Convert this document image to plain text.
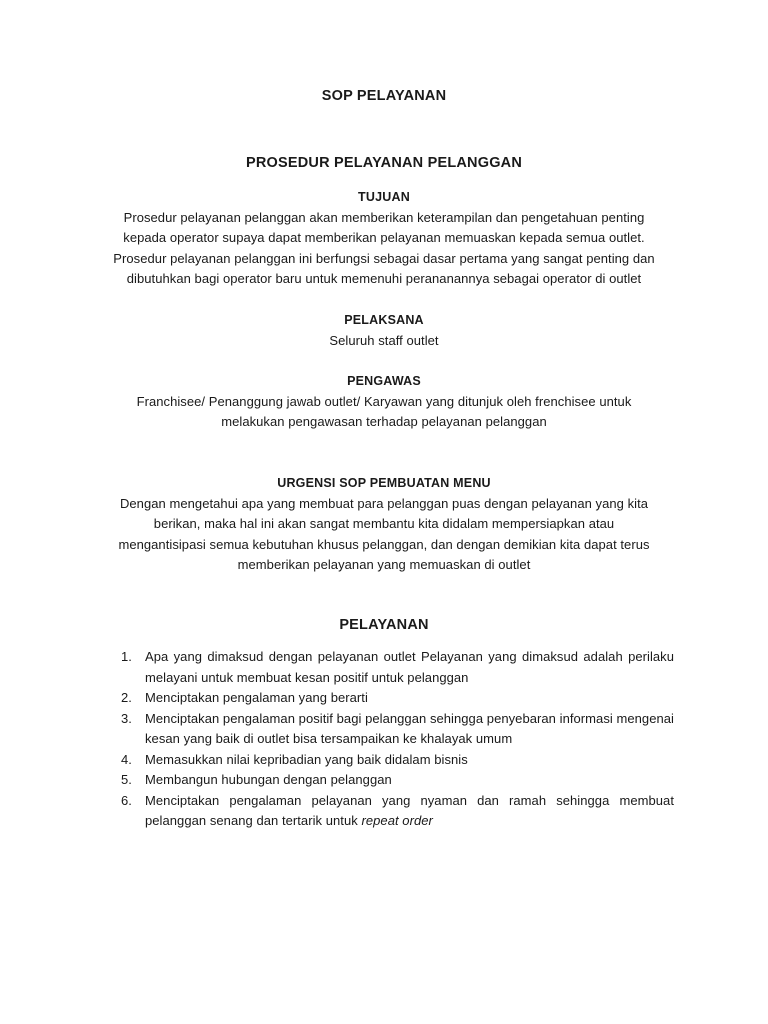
SOP PELAYANAN
PROSEDUR PELAYANAN PELANGGAN
TUJUAN
Prosedur pelayanan pelanggan akan memberikan keterampilan dan pengetahuan penting
kepada operator supaya dapat memberikan pelayanan memuaskan kepada semua outlet.
Prosedur pelayanan pelanggan ini berfungsi sebagai dasar pertama yang sangat penting dan
dibutuhkan bagi operator baru untuk memenuhi perananannya sebagai operator di outlet
PELAKSANA
Seluruh staff outlet
PENGAWAS
Franchisee/ Penanggung jawab outlet/ Karyawan yang ditunjuk oleh frenchisee untuk
melakukan pengawasan terhadap pelayanan pelanggan
URGENSI SOP PEMBUATAN MENU
Dengan mengetahui apa yang membuat para pelanggan puas dengan pelayanan yang kita
berikan, maka hal ini akan sangat membantu kita didalam mempersiapkan atau
mengantisipasi semua kebutuhan khusus pelanggan, dan dengan demikian kita dapat terus
memberikan pelayanan yang memuaskan di outlet
PELAYANAN
1. Apa yang dimaksud dengan pelayanan outlet Pelayanan yang dimaksud adalah perilaku melayani untuk membuat kesan positif untuk pelanggan
2. Menciptakan pengalaman yang berarti
3. Menciptakan pengalaman positif bagi pelanggan sehingga penyebaran informasi mengenai kesan yang baik di outlet bisa tersampaikan ke khalayak umum
4. Memasukkan nilai kepribadian yang baik didalam bisnis
5. Membangun hubungan dengan pelanggan
6. Menciptakan pengalaman pelayanan yang nyaman dan ramah sehingga membuat pelanggan senang dan tertarik untuk repeat order
